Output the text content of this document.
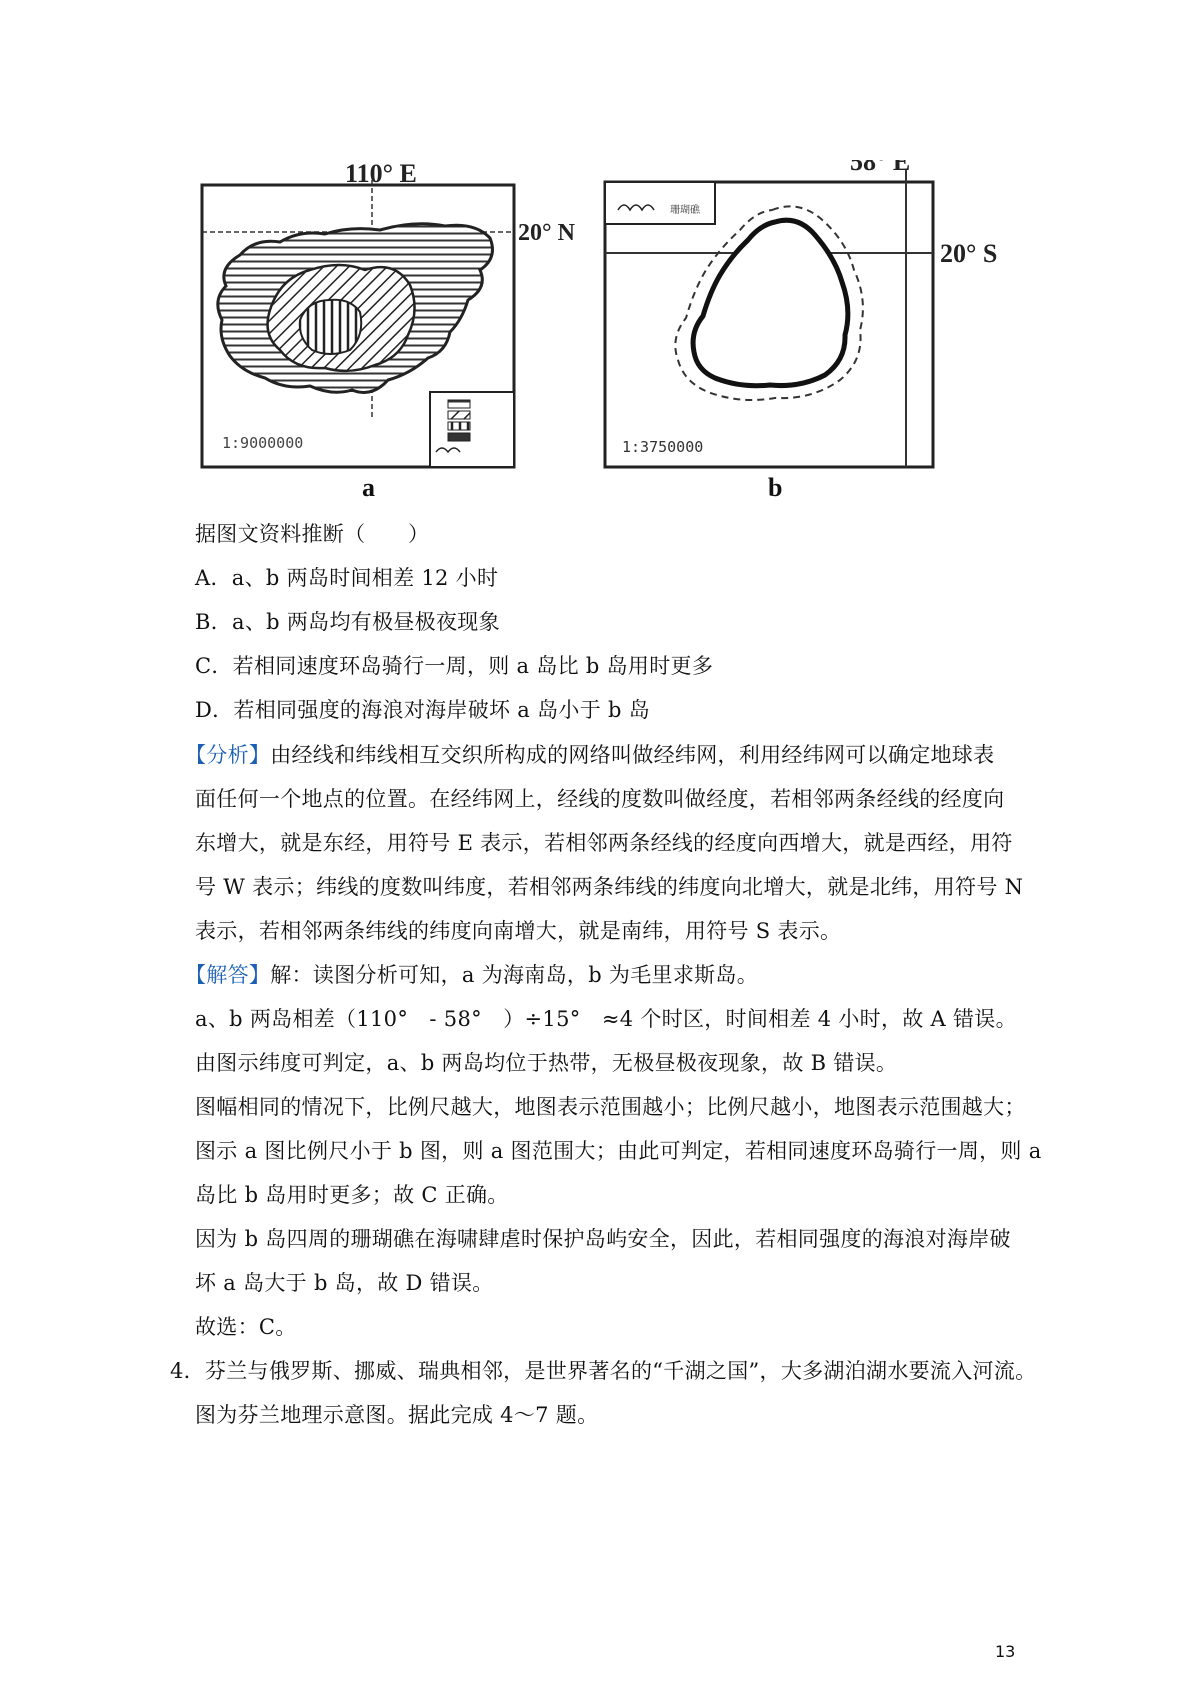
110° E
20° N
1:9000000
a
珊瑚礁
58° E
20° S
1:3750000
b
据图文资料推断（　　）
A．a、b 两岛时间相差 12 小时
B．a、b 两岛均有极昼极夜现象
C．若相同速度环岛骑行一周，则 a 岛比 b 岛用时更多
D．若相同强度的海浪对海岸破坏 a 岛小于 b 岛
【分析】由经线和纬线相互交织所构成的网络叫做经纬网，利用经纬网可以确定地球表
面任何一个地点的位置。在经纬网上，经线的度数叫做经度，若相邻两条经线的经度向
东增大，就是东经，用符号 E 表示，若相邻两条经线的经度向西增大，就是西经，用符
号 W 表示；纬线的度数叫纬度，若相邻两条纬线的纬度向北增大，就是北纬，用符号 N
表示，若相邻两条纬线的纬度向南增大，就是南纬，用符号 S 表示。
【解答】解：读图分析可知，a 为海南岛，b 为毛里求斯岛。
a、b 两岛相差（110°　- 58°　）÷15°　≈4 个时区，时间相差 4 小时，故 A 错误。
由图示纬度可判定，a、b 两岛均位于热带，无极昼极夜现象，故 B 错误。
图幅相同的情况下，比例尺越大，地图表示范围越小；比例尺越小，地图表示范围越大；
图示 a 图比例尺小于 b 图，则 a 图范围大；由此可判定，若相同速度环岛骑行一周，则 a
岛比 b 岛用时更多；故 C 正确。
因为 b 岛四周的珊瑚礁在海啸肆虐时保护岛屿安全，因此，若相同强度的海浪对海岸破
坏 a 岛大于 b 岛，故 D 错误。
故选：C。
4．芬兰与俄罗斯、挪威、瑞典相邻，是世界著名的“千湖之国”，大多湖泊湖水要流入河流。
图为芬兰地理示意图。据此完成 4～7 题。
13
